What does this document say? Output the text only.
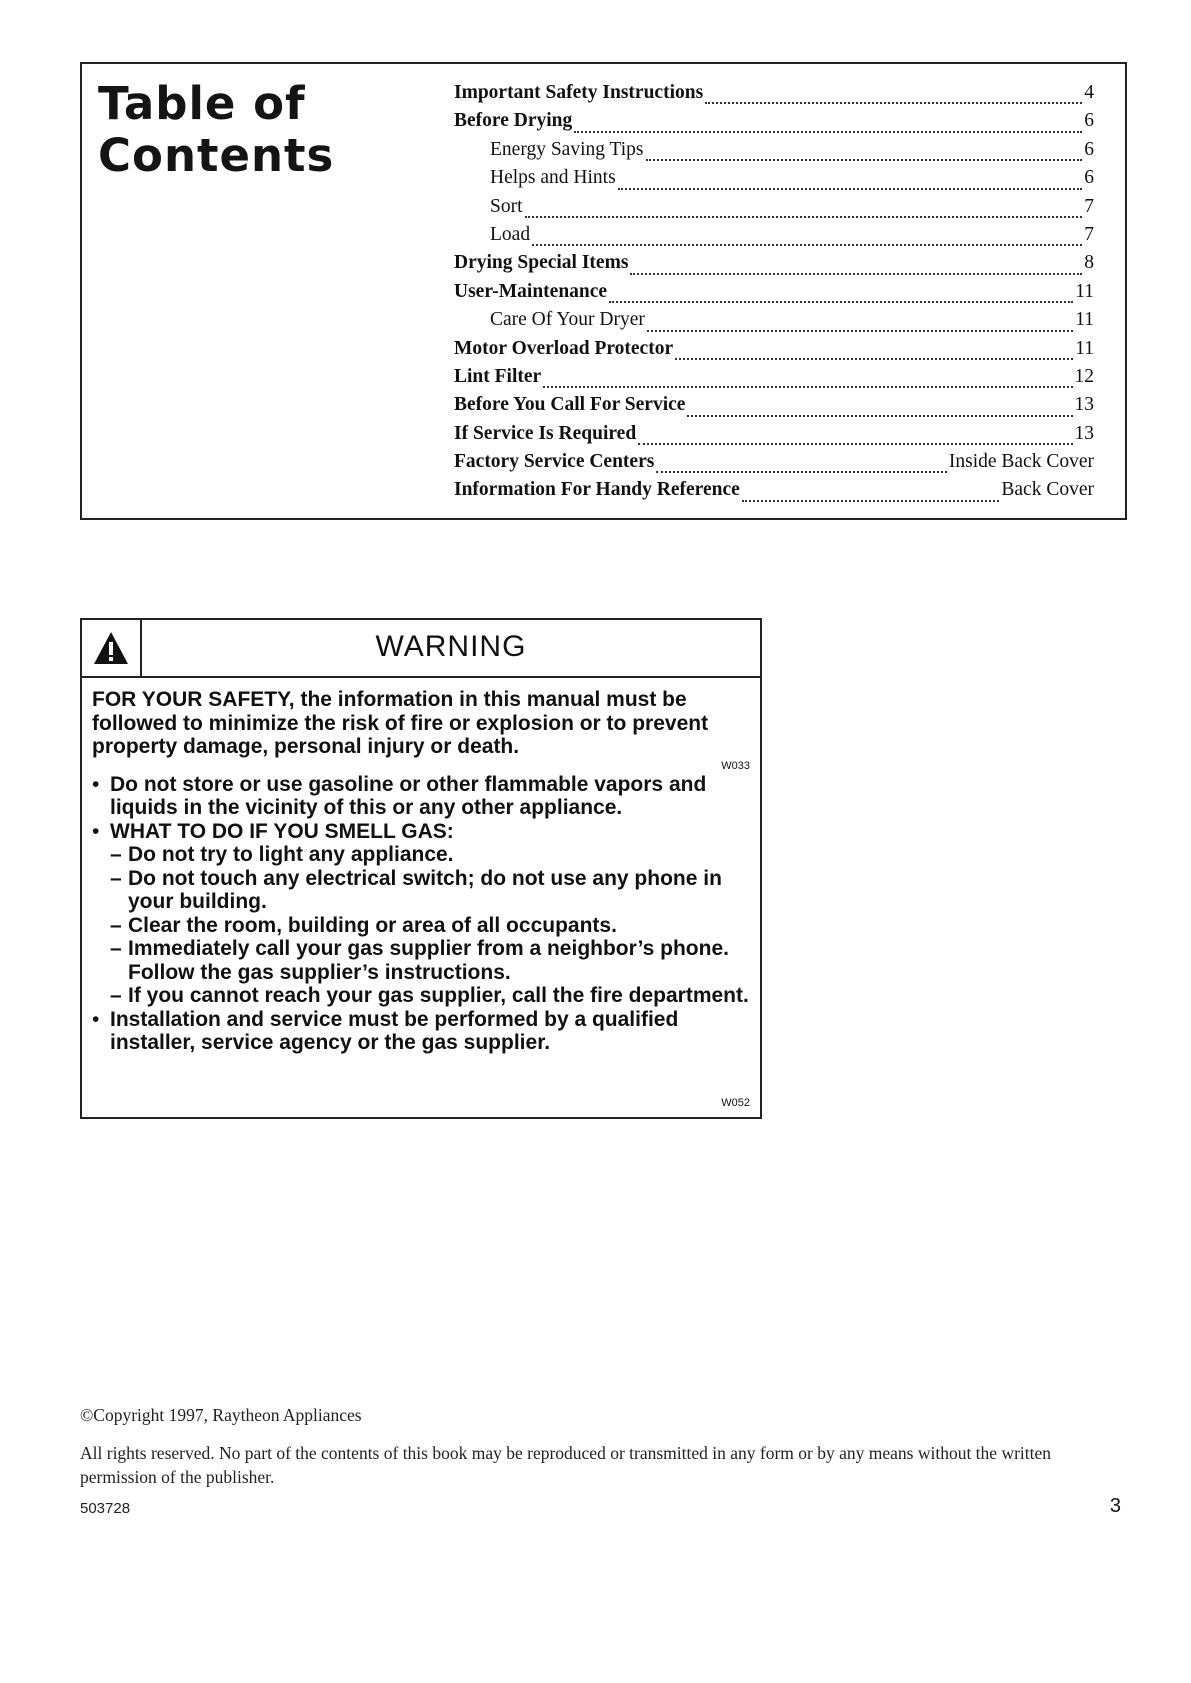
Table of
Contents
Important Safety Instructions	4
Before Drying	6
Energy Saving Tips	6
Helps and Hints	6
Sort	7
Load	7
Drying Special Items	8
User-Maintenance	11
Care Of Your Dryer	11
Motor Overload Protector	11
Lint Filter	12
Before You Call For Service	13
If Service Is Required	13
Factory Service Centers	Inside Back Cover
Information For Handy Reference	Back Cover
WARNING

FOR YOUR SAFETY, the information in this manual must be followed to minimize the risk of fire or explosion or to prevent property damage, personal injury or death.

W033

• Do not store or use gasoline or other flammable vapors and liquids in the vicinity of this or any other appliance.
• WHAT TO DO IF YOU SMELL GAS:
– Do not try to light any appliance.
– Do not touch any electrical switch; do not use any phone in your building.
– Clear the room, building or area of all occupants.
– Immediately call your gas supplier from a neighbor’s phone. Follow the gas supplier’s instructions.
– If you cannot reach your gas supplier, call the fire department.
• Installation and service must be performed by a qualified installer, service agency or the gas supplier.
W052

©Copyright 1997, Raytheon Appliances

All rights reserved. No part of the contents of this book may be reproduced or transmitted in any form or by any means without the written permission of the publisher.

503728	3
